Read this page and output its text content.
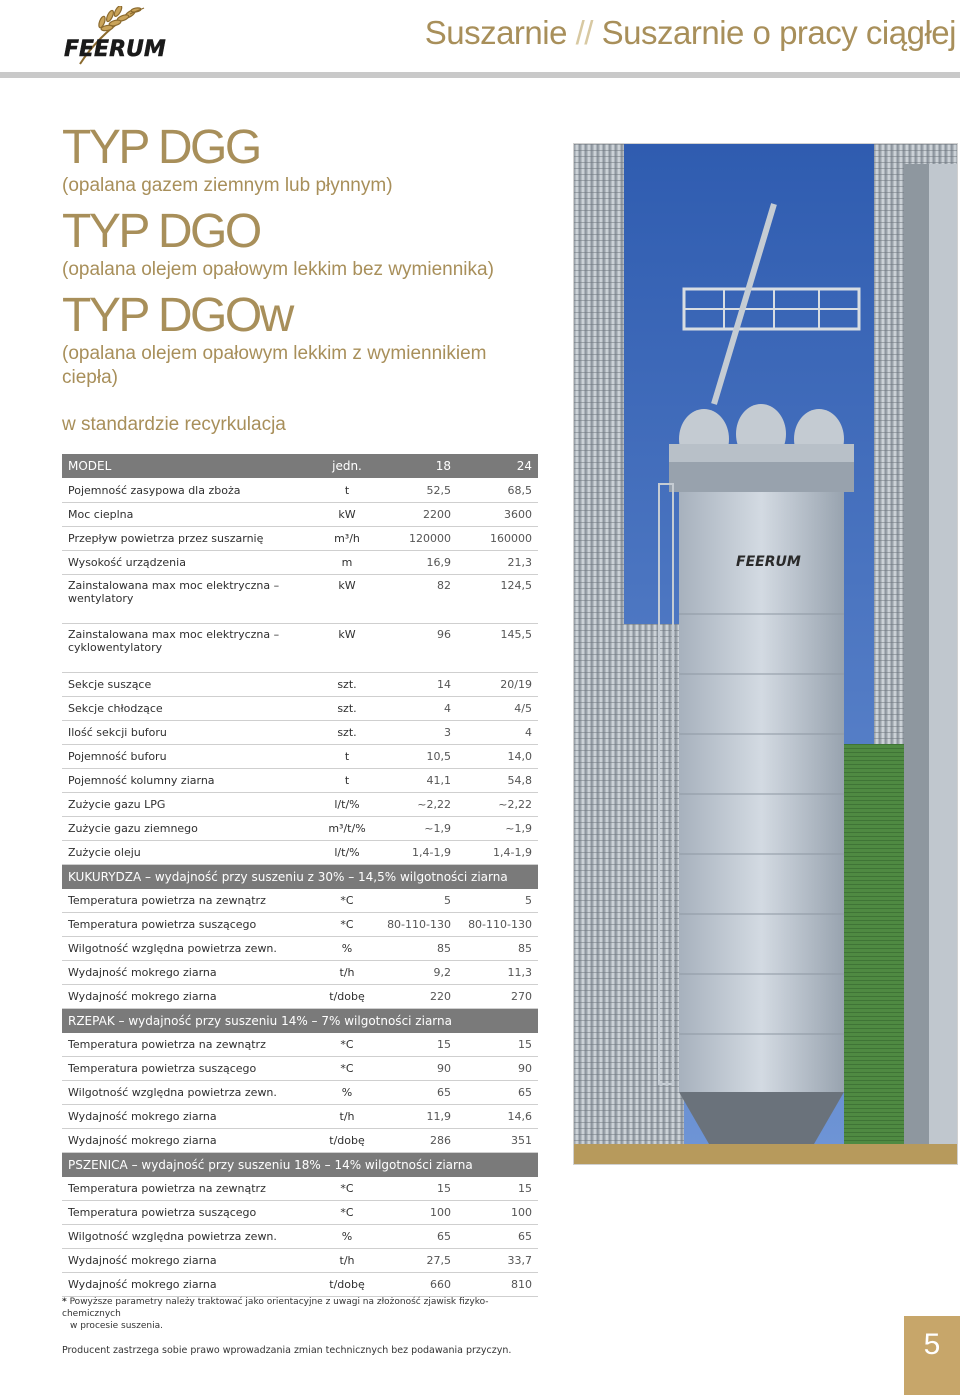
FEERUM	Suszarnie // Suszarnie o pracy ciągłej
TYP DGG
(opalana gazem ziemnym lub płynnym)
TYP DGO
(opalana olejem opałowym lekkim bez wymiennika)
TYP DGOw
(opalana olejem opałowym lekkim z wymiennikiem ciepła)
w standardzie recyrkulacja
MODEL	jedn.	18	24
Pojemność zasypowa dla zboża	t	52,5	68,5
Moc cieplna	kW	2200	3600
Przepływ powietrza przez suszarnię	m³/h	120000	160000
Wysokość urządzenia	m	16,9	21,3
Zainstalowana max moc elektryczna – wentylatory	kW	82	124,5
Zainstalowana max moc elektryczna – cyklowentylatory	kW	96	145,5
Sekcje suszące	szt.	14	20/19
Sekcje chłodzące	szt.	4	4/5
Ilość sekcji buforu	szt.	3	4
Pojemność buforu	t	10,5	14,0
Pojemność kolumny ziarna	t	41,1	54,8
Zużycie gazu LPG	l/t/%	~2,22	~2,22
Zużycie gazu ziemnego	m³/t/%	~1,9	~1,9
Zużycie oleju	l/t/%	1,4-1,9	1,4-1,9
KUKURYDZA – wydajność przy suszeniu z 30% – 14,5% wilgotności ziarna			
Temperatura powietrza na zewnątrz	*C	5	5
Temperatura powietrza suszącego	*C	80-110-130	80-110-130
Wilgotność względna powietrza zewn.	%	85	85
Wydajność mokrego ziarna	t/h	9,2	11,3
Wydajność mokrego ziarna	t/dobę	220	270
RZEPAK – wydajność przy suszeniu 14% – 7% wilgotności ziarna			
Temperatura powietrza na zewnątrz	*C	15	15
Temperatura powietrza suszącego	*C	90	90
Wilgotność względna powietrza zewn.	%	65	65
Wydajność mokrego ziarna	t/h	11,9	14,6
Wydajność mokrego ziarna	t/dobę	286	351
PSZENICA – wydajność przy suszeniu 18% – 14% wilgotności ziarna			
Temperatura powietrza na zewnątrz	*C	15	15
Temperatura powietrza suszącego	*C	100	100
Wilgotność względna powietrza zewn.	%	65	65
Wydajność mokrego ziarna	t/h	27,5	33,7
Wydajność mokrego ziarna	t/dobę	660	810
* Powyższe parametry należy traktować jako orientacyjne z uwagi na złożoność zjawisk fizyko-chemicznych
w procesie suszenia.
Producent zastrzega sobie prawo wprowadzania zmian technicznych bez podawania przyczyn.
FEERUM
5
